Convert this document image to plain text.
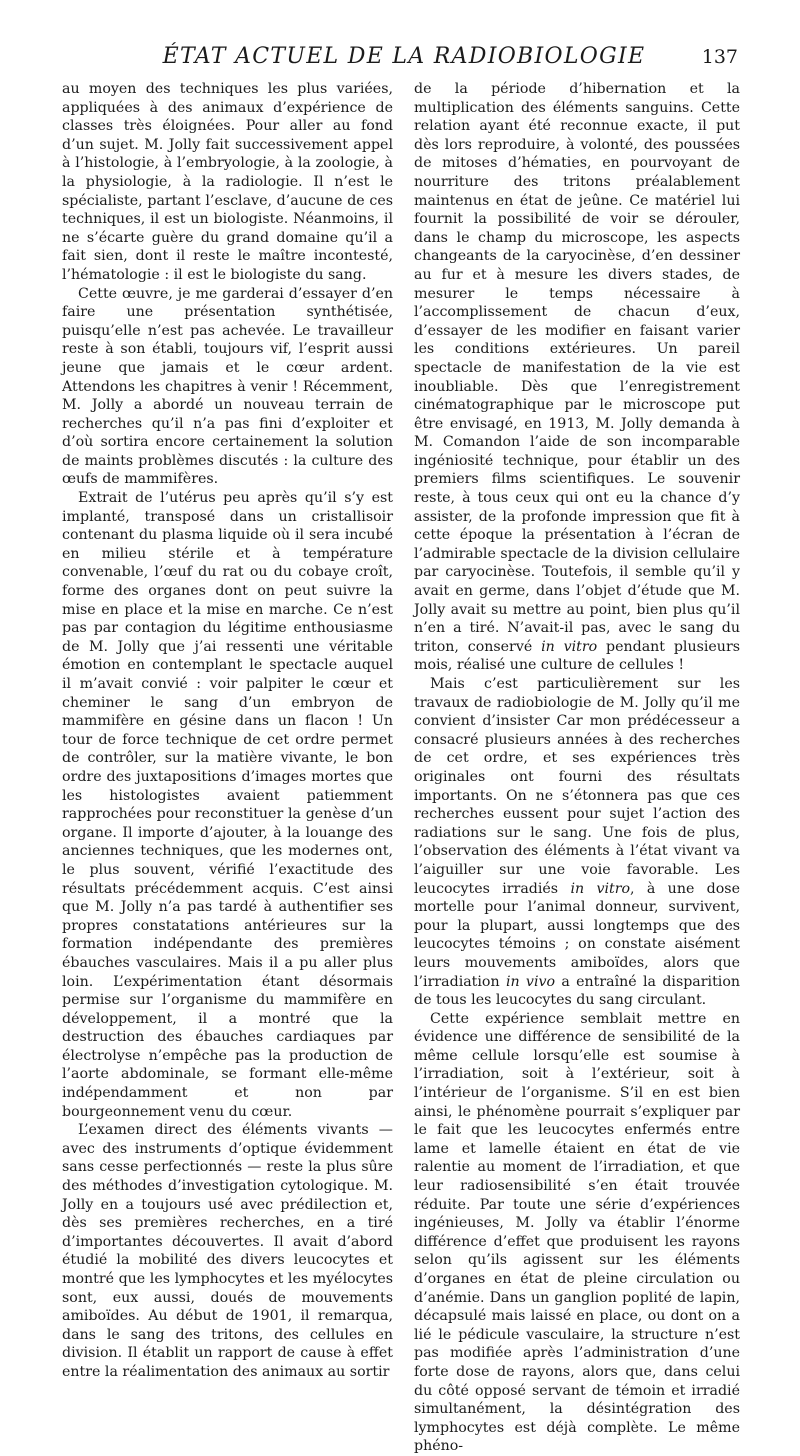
ÉTAT ACTUEL DE LA RADIOBIOLOGIE	137

au moyen des techniques les plus variées, appliquées à des animaux d’expérience de classes très éloignées. Pour aller au fond d’un sujet. M. Jolly fait successivement appel à l’histologie, à l’embryologie, à la zoologie, à la physiologie, à la radiologie. Il n’est le spécialiste, partant l’esclave, d’aucune de ces techniques, il est un biologiste. Néanmoins, il ne s’écarte guère du grand domaine qu’il a fait sien, dont il reste le maître incontesté, l’hématologie : il est le biologiste du sang.

Cette œuvre, je me garderai d’essayer d’en faire une présentation synthétisée, puisqu’elle n’est pas achevée. Le travailleur reste à son établi, toujours vif, l’esprit aussi jeune que jamais et le cœur ardent. Attendons les chapitres à venir ! Récemment, M. Jolly a abordé un nouveau terrain de recherches qu’il n’a pas fini d’exploiter et d’où sortira encore certainement la solution de maints problèmes discutés : la culture des œufs de mammifères.

Extrait de l’utérus peu après qu’il s’y est implanté, transposé dans un cristallisoir contenant du plasma liquide où il sera incubé en milieu stérile et à température convenable, l’œuf du rat ou du cobaye croît, forme des organes dont on peut suivre la mise en place et la mise en marche. Ce n’est pas par contagion du légitime enthousiasme de M. Jolly que j’ai ressenti une véritable émotion en contemplant le spectacle auquel il m’avait convié : voir palpiter le cœur et cheminer le sang d’un embryon de mammifère en gésine dans un flacon ! Un tour de force technique de cet ordre permet de contrôler, sur la matière vivante, le bon ordre des juxtapositions d’images mortes que les histologistes avaient patiemment rapprochées pour reconstituer la genèse d’un organe. Il importe d’ajouter, à la louange des anciennes techniques, que les modernes ont, le plus souvent, vérifié l’exactitude des résultats précédemment acquis. C’est ainsi que M. Jolly n’a pas tardé à authentifier ses propres constatations antérieures sur la formation indépendante des premières ébauches vasculaires. Mais il a pu aller plus loin. L’expérimentation étant désormais permise sur l’organisme du mammifère en développement, il a montré que la destruction des ébauches cardiaques par électrolyse n’empêche pas la production de l’aorte abdominale, se formant elle-même indépendamment et non par bourgeonnement venu du cœur.

L’examen direct des éléments vivants — avec des instruments d’optique évidemment sans cesse perfectionnés — reste la plus sûre des méthodes d’investigation cytologique. M. Jolly en a toujours usé avec prédilection et, dès ses premières recherches, en a tiré d’importantes découvertes. Il avait d’abord étudié la mobilité des divers leucocytes et montré que les lymphocytes et les myélocytes sont, eux aussi, doués de mouvements amiboïdes. Au début de 1901, il remarqua, dans le sang des tritons, des cellules en division. Il établit un rapport de cause à effet entre la réalimentation des animaux au sortir

de la période d’hibernation et la multiplication des éléments sanguins. Cette relation ayant été reconnue exacte, il put dès lors reproduire, à volonté, des poussées de mitoses d’hématies, en pourvoyant de nourriture des tritons préalablement maintenus en état de jeûne. Ce matériel lui fournit la possibilité de voir se dérouler, dans le champ du microscope, les aspects changeants de la caryocinèse, d’en dessiner au fur et à mesure les divers stades, de mesurer le temps nécessaire à l’accomplissement de chacun d’eux, d’essayer de les modifier en faisant varier les conditions extérieures. Un pareil spectacle de manifestation de la vie est inoubliable. Dès que l’enregistrement cinématographique par le microscope put être envisagé, en 1913, M. Jolly demanda à M. Comandon l’aide de son incomparable ingéniosité technique, pour établir un des premiers films scientifiques. Le souvenir reste, à tous ceux qui ont eu la chance d’y assister, de la profonde impression que fit à cette époque la présentation à l’écran de l’admirable spectacle de la division cellulaire par caryocinèse. Toutefois, il semble qu’il y avait en germe, dans l’objet d’étude que M. Jolly avait su mettre au point, bien plus qu’il n’en a tiré. N’avait-il pas, avec le sang du triton, conservé in vitro pendant plusieurs mois, réalisé une culture de cellules !

Mais c’est particulièrement sur les travaux de radiobiologie de M. Jolly qu’il me convient d’insister Car mon prédécesseur a consacré plusieurs années à des recherches de cet ordre, et ses expériences très originales ont fourni des résultats importants. On ne s’étonnera pas que ces recherches eussent pour sujet l’action des radiations sur le sang. Une fois de plus, l’observation des éléments à l’état vivant va l’aiguiller sur une voie favorable. Les leucocytes irradiés in vitro, à une dose mortelle pour l’animal donneur, survivent, pour la plupart, aussi longtemps que des leucocytes témoins ; on constate aisément leurs mouvements amiboïdes, alors que l’irradiation in vivo a entraîné la disparition de tous les leucocytes du sang circulant.

Cette expérience semblait mettre en évidence une différence de sensibilité de la même cellule lorsqu’elle est soumise à l’irradiation, soit à l’extérieur, soit à l’intérieur de l’organisme. S’il en est bien ainsi, le phénomène pourrait s’expliquer par le fait que les leucocytes enfermés entre lame et lamelle étaient en état de vie ralentie au moment de l’irradiation, et que leur radiosensibilité s’en était trouvée réduite. Par toute une série d’expériences ingénieuses, M. Jolly va établir l’énorme différence d’effet que produisent les rayons selon qu’ils agissent sur les éléments d’organes en état de pleine circulation ou d’anémie. Dans un ganglion poplité de lapin, décapsulé mais laissé en place, ou dont on a lié le pédicule vasculaire, la structure n’est pas modifiée après l’administration d’une forte dose de rayons, alors que, dans celui du côté opposé servant de témoin et irradié simultanément, la désintégration des lymphocytes est déjà complète. Le même phéno-
